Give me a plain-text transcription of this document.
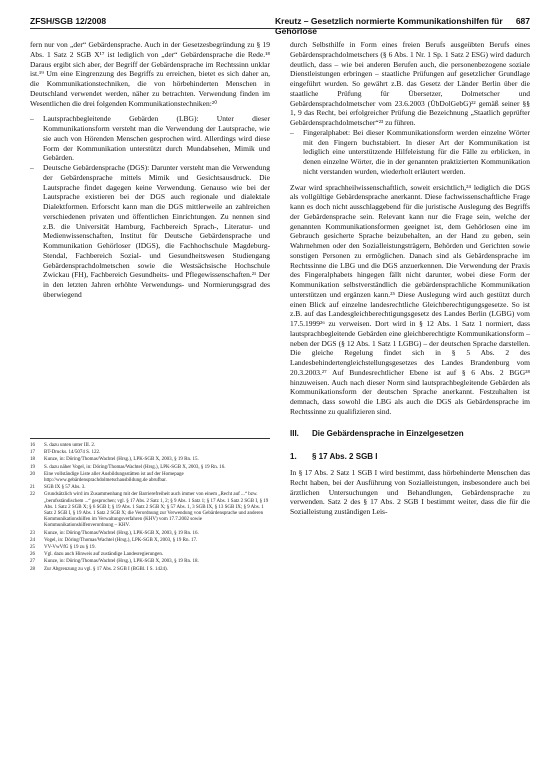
ZFSH/SGB 12/2008	Kreutz – Gesetzlich normierte Kommunikationshilfen für Gehörlose
687

fern nur von „der“ Gebärdensprache. Auch in der Gesetzesbegründung zu § 19 Abs. 1 Satz 2 SGB X¹⁷ ist lediglich von „der“ Gebärdensprache die Rede.¹⁸ Daraus ergibt sich aber, der Begriff der Gebärdensprache im Rechtssinn unklar ist.¹⁹ Um eine Eingrenzung des Begriffs zu erreichen, bietet es sich daher an, die Kommunikationstechniken, die von hörbehinderten Menschen in Deutschland verwendet werden, näher zu betrachten. Verwendung finden im Wesentlichen die drei folgenden Kommunikationstechniken:²⁰

– Lautsprachbegleitende Gebärden (LBG): Unter dieser Kommunikationsform versteht man die Verwendung der Lautsprache, wie sie auch von Hörenden Menschen gesprochen wird. Allerdings wird diese Form der Kommunikation unterstützt durch Mundabsehen, Mimik und Gebärden.
– Deutsche Gebärdensprache (DGS): Darunter versteht man die Verwendung der Gebärdensprache mittels Mimik und Gesichtsausdruck. Die Lautsprache findet dagegen keine Verwendung. Genauso wie bei der Lautsprache existieren bei der DGS auch regionale und dialektale Dialektformen. Erforscht kann man die DGS mittlerweile an zahlreichen verschiedenen privaten und öffentlichen Einrichtungen. Zu nennen sind z.B. die Universität Hamburg, Fachbereich Sprach-, Literatur- und Medienwissenschaften, Institut für Deutsche Gebärdensprache und Kommunikation Gehörloser (IDGS), die Fachhochschule Magdeburg-Stendal, Fachbereich Sozial- und Gesundheitswesen Studiengang Gebärdensprachdolmetschen sowie die Westsächsische Hochschule Zwickau (FH), Fachbereich Gesundheits- und Pflegewissenschaften.²¹ Der in den letzten Jahren erhöhte Verwendungs- und Normierungsgrad des überwiegend
16 S. dazu unten unter III. 2.
17 BT-Drucks. 14/5074 S. 122.
18 Kunze, in: Döring/Thomas/Wachtel (Hrsg.), LPK-SGB X, 2003, § 19 Rn. 15.
19 S. dazu näher Vogel, in: Döring/Thomas/Wachtel (Hrsg.), LPK-SGB X, 2003, § 19 Rn. 16.
20 Eine vollständige Liste aller Ausbildungsstätten ist auf der Homepage http://www.gebärdensprachdolmetschausbildung.de abrufbar.
21 SGB IX § 57 Abs. 3.
22 Grundsätzlich wird im Zusammenhang mit der Barrierefreiheit auch immer von einem „Recht auf ...“ bzw. „berufsständischem ...“ gesprochen; vgl. § 17 Abs. 2 Satz 1, 2; § 9 Abs. 1 Satz 1; § 17 Abs. 1 Satz 2 SGB I, § 19 Abs. 1 Satz 2 SGB X; § 6 SGB I; § 19 Abs. 1 Satz 2 SGB X; § 57 Abs. 1, 3 SGB IX, § 13 SGB IX; § 9 Abs. 1 Satz 2 SGB I, § 19 Abs. 1 Satz 2 SGB X; die Verordnung zur Verwendung von Gebärdensprache und anderen Kommunikationshilfen im Verwaltungsverfahren (KHV) vom 17.7.2002 sowie Kommunikationshilfenverordnung – KHV.
23 Kunze, in: Döring/Thomas/Wachtel (Hrsg.), LPK-SGB X, 2003, § 19 Rn. 16.
24 Vogel, in: Döring/Thomas/Wachtel (Hrsg.), LPK-SGB X, 2003, § 19 Rn. 17.
25 VV-VwVfG § 19 zu § 19.
26 Vgl. dazu auch Hinweis auf zuständige Landesregierungen.
27 Kunze, in: Döring/Thomas/Wachtel (Hrsg.), LPK-SGB X, 2003, § 19 Rn. 18.
28 Zur Abgrenzung zu vgl. § 17 Abs. 2 SGB I (BGBl. I S. 1424).

durch Selbsthilfe in Form eines freien Berufs ausgeübten Berufs eines Gebärdensprachdolmetschers (§ 6 Abs. 1 Nr. 1 Sp. 1 Satz 2 ESG) wird dadurch deutlich, dass – wie bei anderen Berufen auch, die personenbezogene soziale Dienstleistungen erbringen – staatliche Prüfungen auf gesetzlicher Grundlage eingeführt wurden. So gewährt z.B. das Gesetz der Länder Berlin über die staatliche Prüfung für Übersetzer, Dolmetscher und Gebärdensprachdolmetscher vom 23.6.2003 (ÜbDolGebG)²² gemäß seiner §§ 1, 9 das Recht, bei erfolgreicher Prüfung die Bezeichnung „Staatlich geprüfter Gebärdensprachdolmetscher“²³ zu führen.

– Fingeralphabet: Bei dieser Kommunikationsform werden einzelne Wörter mit den Fingern buchstabiert. In dieser Art der Kommunikation ist lediglich eine unterstützende Hilfeleistung für die Fälle zu erblicken, in denen einzelne Wörter, die in der genannten praktizierten Kommunikation nicht verstanden wurden, wiederholt erläutert werden.

Zwar wird sprachheilwissenschaftlich, soweit ersichtlich,²⁴ lediglich die DGS als vollgültige Gebärdensprache anerkannt. Diese fachwissenschaftliche Frage kann es doch nicht ausschlaggebend für die juristische Auslegung des Begriffs der Gebärdensprache sein. Relevant kann nur die Frage sein, welche der genannten Kommunikationsformen geeignet ist, dem Gehörlosen eine im Gebrauch gesicherte Sprache beizubehalten, an der Hand zu geben, sein Wahrnehmen oder den Sozialleistungsträgern, Behörden und Gerichten sowie sonstigen Personen zu ermöglichen. Danach sind als Gebärdensprache im Rechtssinne die LBG und die DGS anzuerkennen. Die Verwendung der Praxis des Fingeralphabets hingegen fällt nicht darunter, wobei diese Form der Kommunikation selbstverständlich die gebärdensprachliche Kommunikation unterstützen und ergänzen kann.²⁵ Diese Auslegung wird auch gestützt durch einen Blick auf einzelne landesrechtliche Gleichberechtigungsgesetze. So ist z.B. auf das Landesgleichberechtigungsgesetz des Landes Berlin (LGBG) vom 17.5.1999²⁶ zu verweisen. Dort wird in § 12 Abs. 1 Satz 1 normiert, dass lautsprachbegleitende Gebärden eine gleichberechtigte Kommunikationsform – neben der DGS (§ 12 Abs. 1 Satz 1 LGBG) – der deutschen Sprache darstellen. Die gleiche Regelung findet sich in § 5 Abs. 2 des Landesbehindertengleichstellungsgesetzes des Landes Brandenburg vom 20.3.2003.²⁷ Auf Bundesrechtlicher Ebene ist auf § 6 Abs. 2 BGG²⁸ hinzuweisen. Auch nach dieser Norm sind lautsprachbegleitende Gebärden als Kommunikationsform der deutschen Sprache anerkannt. Festzuhalten ist demnach, dass sowohl die LBG als auch die DGS als Gebärdensprache im Rechtssinne zu qualifizieren sind.

III. Die Gebärdensprache in Einzelgesetzen
1. § 17 Abs. 2 SGB I

In § 17 Abs. 2 Satz 1 SGB I wird bestimmt, dass hörbehinderte Menschen das Recht haben, bei der Ausführung von Sozialleistungen, insbesondere auch bei ärztlichen Untersuchungen und Behandlungen, Gebärdensprache zu verwenden. Satz 2 des § 17 Abs. 2 SGB I bestimmt weiter, dass die für die Sozialleistung zuständigen Leis-
